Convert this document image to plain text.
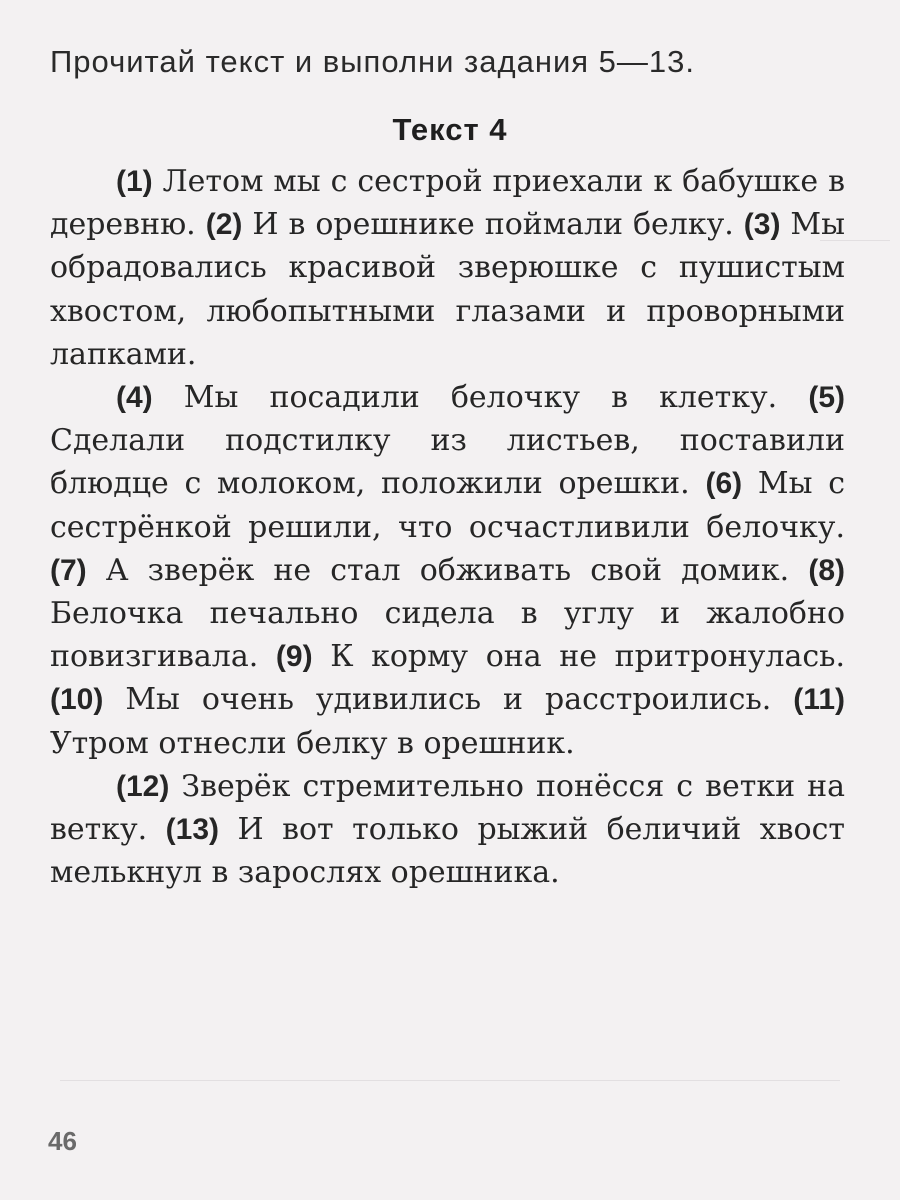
Прочитай текст и выполни задания 5—13.
Текст 4

(1) Летом мы с сестрой приехали к бабушке в деревню. (2) И в орешнике поймали белку. (3) Мы обрадовались красивой зверюшке с пушистым хвостом, любопытными глазами и проворными лапками.

(4) Мы посадили белочку в клетку. (5) Сделали подстилку из листьев, поставили блюдце с молоком, положили орешки. (6) Мы с сестрёнкой решили, что осчастливили белочку. (7) А зверёк не стал обживать свой домик. (8) Белочка печально сидела в углу и жалобно повизгивала. (9) К корму она не притронулась. (10) Мы очень удивились и расстроились. (11) Утром отнесли белку в орешник.

(12) Зверёк стремительно понёсся с ветки на ветку. (13) И вот только рыжий беличий хвост мелькнул в зарослях орешника.

46
